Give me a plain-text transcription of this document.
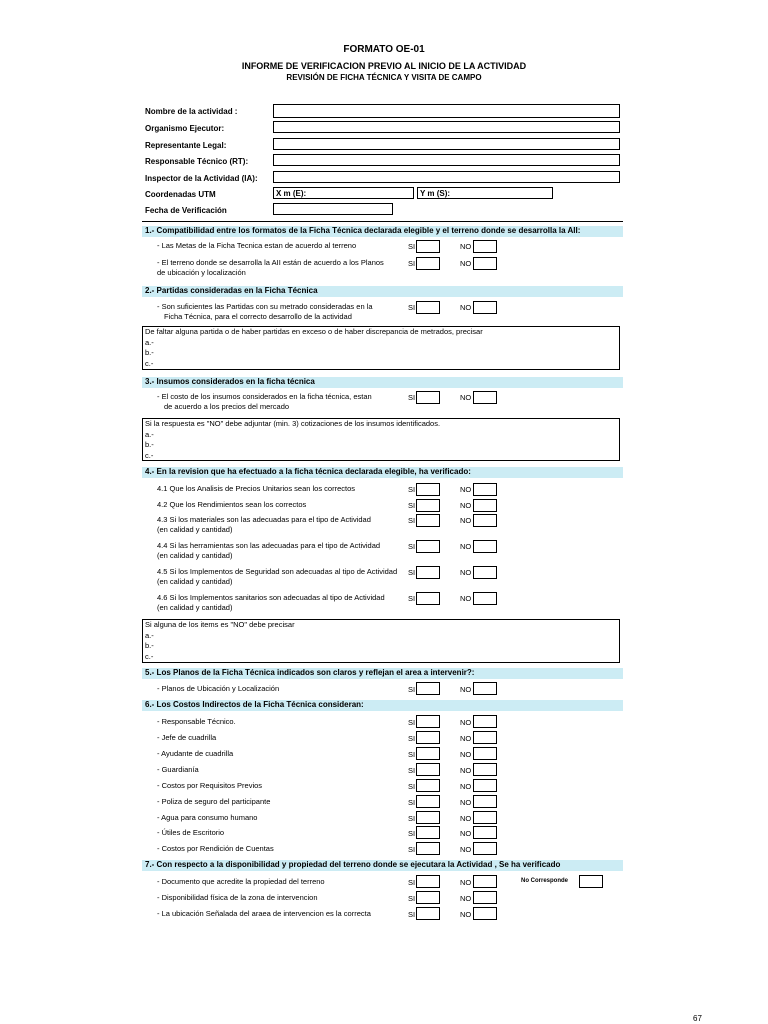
FORMATO OE-01
INFORME DE VERIFICACION PREVIO AL INICIO DE LA ACTIVIDAD
REVISIÓN DE FICHA TÉCNICA Y VISITA DE CAMPO
Nombre de la actividad :
Organismo Ejecutor:
Representante Legal:
Responsable Técnico (RT):
Inspector de la Actividad (IA):
Coordenadas UTM	X m (E):	Y m (S):
Fecha de Verificación
1.- Compatibilidad entre los formatos de la Ficha Técnica declarada elegible y el terreno donde se desarrolla la AII:
- Las Metas de la Ficha Tecnica estan de acuerdo al terreno	SI	NO
- El terreno donde se desarrolla la AII están de acuerdo a los Planos
de ubicación y localización
SI	NO
2.- Partidas consideradas en la Ficha Técnica
- Son suficientes las Partidas con su metrado consideradas en la
Ficha Técnica, para el correcto desarrollo de la actividad
SI	NO
De faltar alguna partida o de haber partidas en exceso o de haber discrepancia de metrados, precisar
a.-
b.-
c.-
3.- Insumos considerados en la ficha técnica
- El costo de los insumos considerados en la ficha técnica, estan
de acuerdo a los precios del mercado
SI	NO
Si la respuesta es "NO" debe adjuntar (min. 3) cotizaciones de los insumos identificados.
a.-
b.-
c.-
4.- En la revision que ha efectuado a la ficha técnica declarada elegible, ha verificado:
4.1 Que los Analisis de Precios Unitarios sean los correctos	SI	NO
4.2 Que los Rendimientos sean los correctos	SI	NO
4.3 Si los materiales son las adecuadas para el tipo de Actividad
(en calidad y cantidad)
SI	NO
4.4 Si las herramientas son las adecuadas para el tipo de Actividad
(en calidad y cantidad)
SI	NO
4.5 Si los Implementos de Seguridad son adecuadas al tipo de Actividad
(en calidad y cantidad)
SI	NO
4.6 Si los Implementos sanitarios son adecuadas al tipo de Actividad
(en calidad y cantidad)
SI	NO
Si alguna de los items es "NO" debe precisar
a.-
b.-
c.-
5.- Los Planos de la Ficha Técnica indicados son claros y reflejan el area a intervenir?:
- Planos de Ubicación y Localización	SI	NO
6.- Los Costos Indirectos de la Ficha Técnica consideran:
- Responsable Técnico.	SI	NO
- Jefe de cuadrilla	SI	NO
- Ayudante de cuadrilla	SI	NO
- Guardianía	SI	NO
- Costos por Requisitos Previos	SI	NO
- Poliza de seguro del participante	SI	NO
- Agua para consumo humano	SI	NO
- Útiles de Escritorio	SI	NO
- Costos por Rendición de Cuentas	SI	NO
7.- Con respecto a la disponibilidad y propiedad del terreno donde se ejecutara la Actividad , Se ha verificado
- Documento que acredite la propiedad del terreno	SI	NO	No Corresponde
- Disponibilidad física de la zona de intervencion	SI	NO
- La ubicación Señalada del araea de intervencion es la correcta	SI	NO
67
